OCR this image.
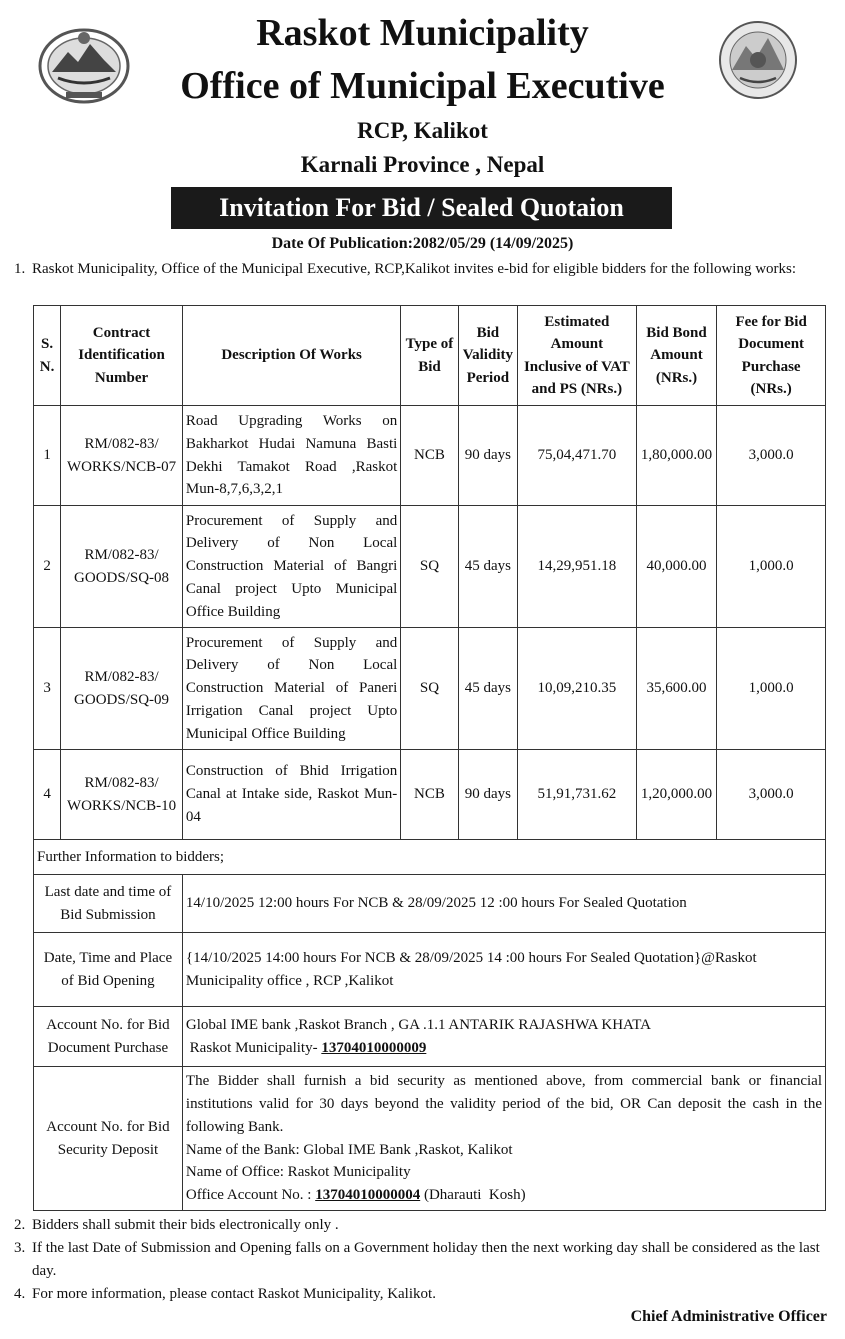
Raskot Municipality
Office of Municipal Executive
RCP, Kalikot
Karnali Province , Nepal
Invitation For Bid / Sealed Quotaion
Date Of Publication:2082/05/29 (14/09/2025)
1. Raskot Municipality, Office of the Municipal Executive, RCP,Kalikot invites e-bid for eligible bidders for the following works:
S. N.	Contract Identification Number	Description Of Works	Type of Bid	Bid Validity Period	Estimated Amount Inclusive of VAT and PS (NRs.)	Bid Bond Amount (NRs.)	Fee for Bid Document Purchase (NRs.)
1	RM/082-83/ WORKS/NCB-07	Road Upgrading Works on Bakharkot Hudai Namuna Basti Dekhi Tamakot Road ,Raskot Mun-8,7,6,3,2,1	NCB	90 days	75,04,471.70	1,80,000.00	3,000.0
2	RM/082-83/ GOODS/SQ-08	Procurement of Supply and Delivery of Non Local Construction Material of Bangri Canal project Upto Municipal Office Building	SQ	45 days	14,29,951.18	40,000.00	1,000.0
3	RM/082-83/ GOODS/SQ-09	Procurement of Supply and Delivery of Non Local Construction Material of Paneri Irrigation Canal project Upto Municipal Office Building	SQ	45 days	10,09,210.35	35,600.00	1,000.0
4	RM/082-83/ WORKS/NCB-10	Construction of Bhid Irrigation Canal at Intake side, Raskot Mun-04	NCB	90 days	51,91,731.62	1,20,000.00	3,000.0
Further Information to bidders;							
Last date and time of Bid Submission		14/10/2025 12:00 hours For NCB & 28/09/2025 12 :00 hours For Sealed Quotation					
Date, Time and Place of Bid Opening		{14/10/2025 14:00 hours For NCB & 28/09/2025 14 :00 hours For Sealed Quotation}@Raskot Municipality office , RCP ,Kalikot					
Account No. for Bid Document Purchase		Global IME bank ,Raskot Branch , GA .1.1 ANTARIK RAJASHWA KHATA
Raskot Municipality- 13704010000009					

Account No. for Bid Security Deposit		The Bidder shall furnish a bid security as mentioned above, from commercial bank or financial institutions valid for 30 days beyond the validity period of the bid, OR Can deposit the cash in the following Bank.
Name of the Bank: Global IME Bank ,Raskot, Kalikot
Name of Office: Raskot Municipality
Office Account No. : 13704010000004 (Dharauti  Kosh)					
2. Bidders shall submit their bids electronically only .
3. If the last Date of Submission and Opening falls on a Government holiday then the next working day shall be considered as the last day.
4. For more information, please contact Raskot Municipality, Kalikot.
Chief Administrative Officer
